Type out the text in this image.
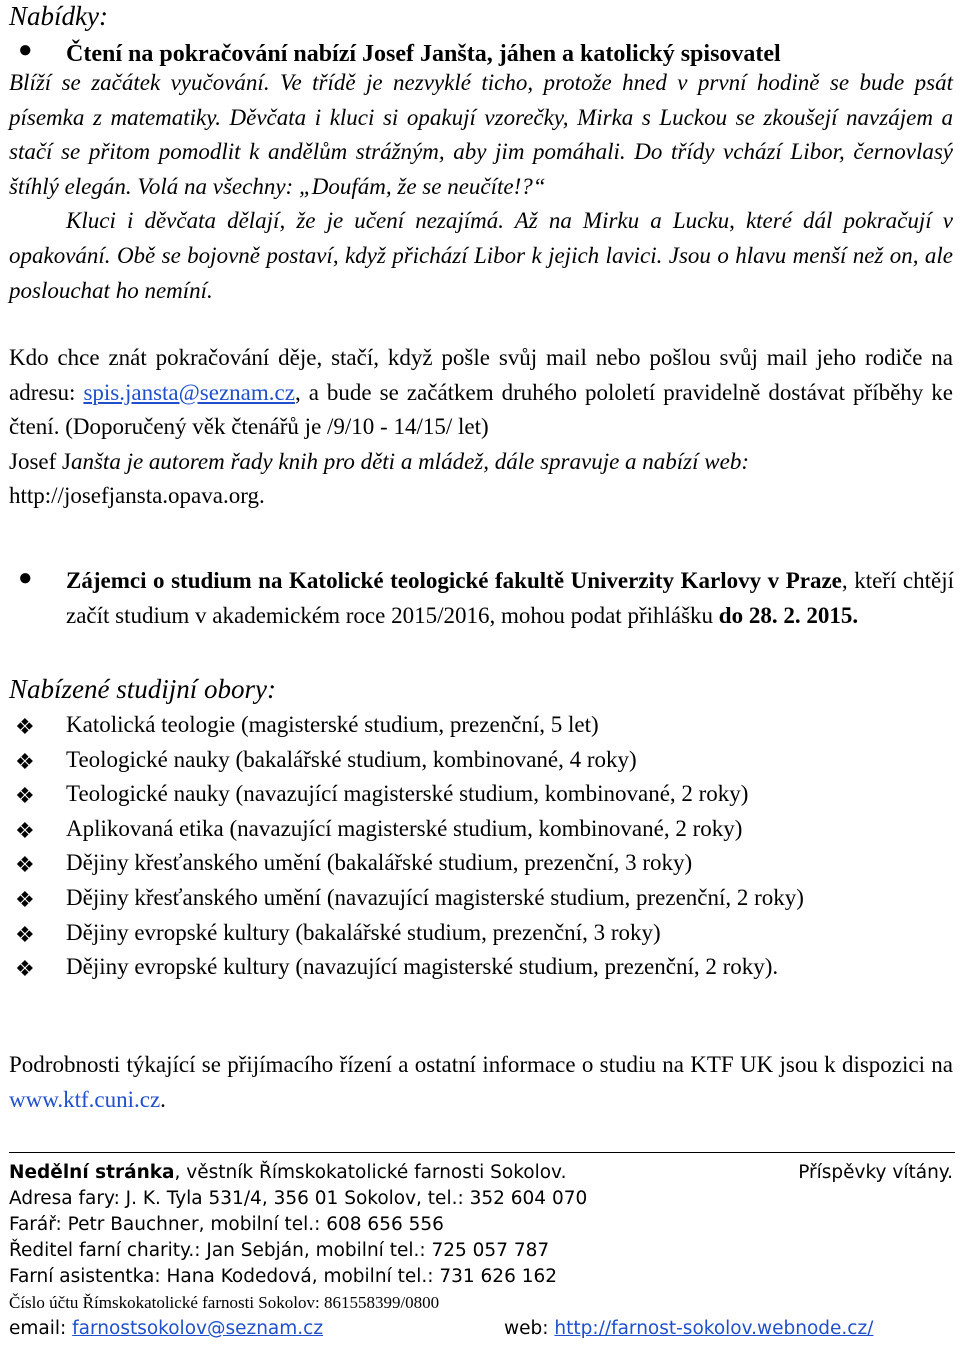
Nabídky:
● Čtení na pokračování nabízí Josef Janšta, jáhen a katolický spisovatel

Blíží se začátek vyučování. Ve třídě je nezvyklé ticho, protože hned v první hodině se bude psát písemka z matematiky. Děvčata i kluci si opakují vzorečky, Mirka s Luckou se zkoušejí navzájem a stačí se přitom pomodlit k andělům strážným, aby jim pomáhali. Do třídy vchází Libor, černovlasý štíhlý elegán. Volá na všechny: „Doufám, že se neučíte!?“

Kluci i děvčata dělají, že je učení nezajímá. Až na Mirku a Lucku, které dál pokračují v opakování. Obě se bojovně postaví, když přichází Libor k jejich lavici. Jsou o hlavu menší než on, ale poslouchat ho nemíní.

Kdo chce znát pokračování děje, stačí, když pošle svůj mail nebo pošlou svůj mail jeho rodiče na adresu: spis.jansta@seznam.cz, a bude se začátkem druhého pololetí pravidelně dostávat příběhy ke čtení. (Doporučený věk čtenářů je /9/10 - 14/15/ let)
Josef Janšta je autorem řady knih pro děti a mládež, dále spravuje a nabízí web:
http://josefjansta.opava.org.
● Zájemci o studium na Katolické teologické fakultě Univerzity Karlovy v Praze, kteří chtějí začít studium v akademickém roce 2015/2016, mohou podat přihlášku do 28. 2. 2015.
Nabízené studijní obory:
❖ Katolická teologie (magisterské studium, prezenční, 5 let)
❖ Teologické nauky (bakalářské studium, kombinované, 4 roky)
❖ Teologické nauky (navazující magisterské studium, kombinované, 2 roky)
❖ Aplikovaná etika (navazující magisterské studium, kombinované, 2 roky)
❖ Dějiny křesťanského umění (bakalářské studium, prezenční, 3 roky)
❖ Dějiny křesťanského umění (navazující magisterské studium, prezenční, 2 roky)
❖ Dějiny evropské kultury (bakalářské studium, prezenční, 3 roky)
❖ Dějiny evropské kultury (navazující magisterské studium, prezenční, 2 roky).
Podrobnosti týkající se přijímacího řízení a ostatní informace o studiu na KTF UK jsou k dispozici na www.ktf.cuni.cz.
Nedělní stránka, věstník Římskokatolické farnosti Sokolov.	Příspěvky vítány.
Adresa fary: J. K. Tyla 531/4, 356 01 Sokolov, tel.: 352 604 070
Farář: Petr Bauchner, mobilní tel.: 608 656 556
Ředitel farní charity.: Jan Sebján, mobilní tel.: 725 057 787
Farní asistentka: Hana Kodedová, mobilní tel.: 731 626 162
Číslo účtu Římskokatolické farnosti Sokolov: 861558399/0800
email: farnostsokolov@seznam.cz	web: http://farnost-sokolov.webnode.cz/
